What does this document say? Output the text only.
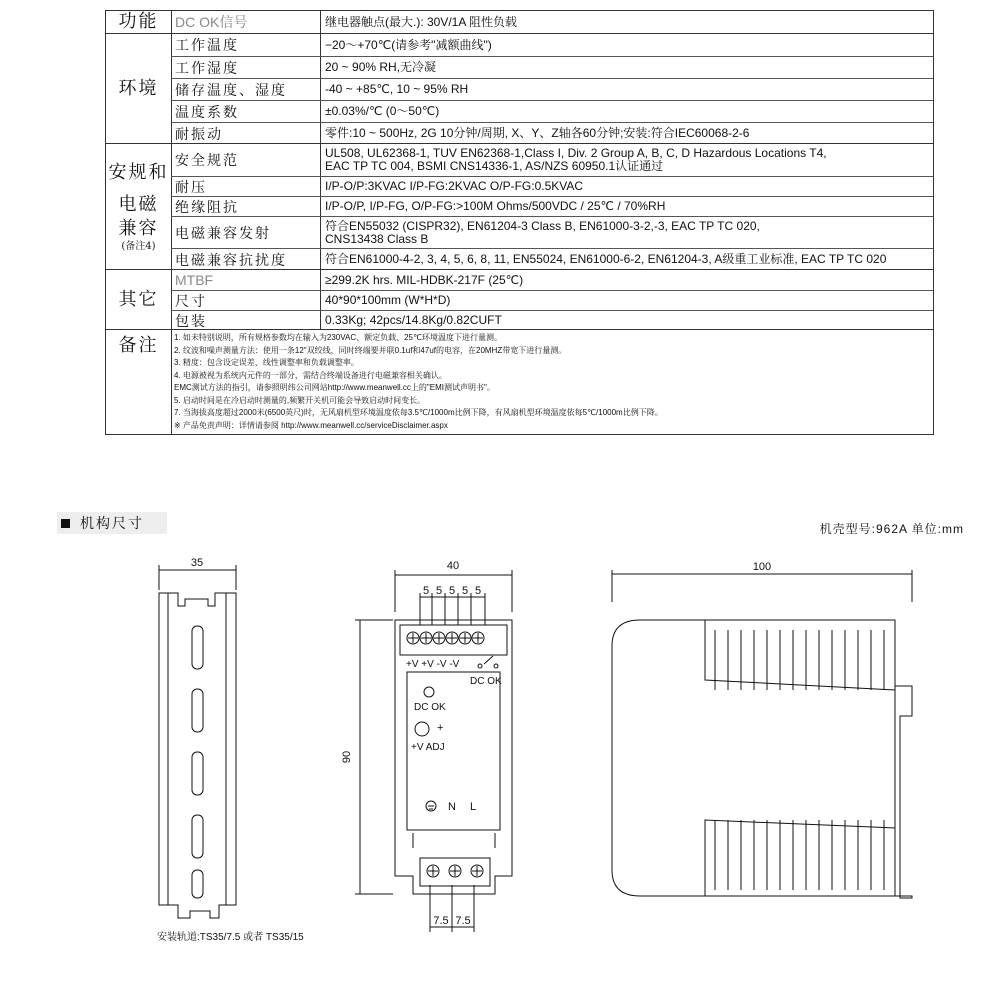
功能	DC OK信号	继电器触点(最大.): 30V/1A 阻性负载
环境
工作温度	−20～+70℃(请参考"减额曲线")
工作湿度	20 ~ 90% RH,无冷凝
储存温度、湿度	-40 ~ +85℃, 10 ~ 95% RH
温度系数	±0.03%/℃ (0～50℃)
耐振动	零件:10 ~ 500Hz, 2G 10分钟/周期, X、Y、Z轴各60分钟;安装:符合IEC60068-2-6
安规和
电磁
兼容
(备注4)
安全规范	UL508, UL62368-1, TUV EN62368-1,Class I, Div. 2 Group A, B, C, D Hazardous Locations T4,
EAC TP TC 004, BSMI CNS14336-1, AS/NZS 60950.1认证通过
耐压	I/P-O/P:3KVAC I/P-FG:2KVAC O/P-FG:0.5KVAC
绝缘阻抗	I/P-O/P, I/P-FG, O/P-FG:>100M Ohms/500VDC / 25℃ / 70%RH
电磁兼容发射	符合EN55032 (CISPR32), EN61204-3 Class B, EN61000-3-2,-3, EAC TP TC 020,
CNS13438 Class B
电磁兼容抗扰度	符合EN61000-4-2, 3, 4, 5, 6, 8, 11, EN55024, EN61000-6-2, EN61204-3, A级重工业标准, EAC TP TC 020
其它
MTBF	≥299.2K hrs. MIL-HDBK-217F (25℃)
尺寸	40*90*100mm (W*H*D)
包装	0.33Kg; 42pcs/14.8Kg/0.82CUFT
备注	1. 如未特别说明，所有规格参数均在输入为230VAC、额定负载、25℃环境温度下进行量测。
2. 纹波和噪声测量方法：使用一条12"双绞线，同时终端要并联0.1uf和47uf的电容，在20MHZ带宽下进行量测。
3. 精度：包含设定误差、线性调整率和负载调整率。
4. 电源被视为系统内元件的一部分，需结合终端设备进行电磁兼容相关确认。
EMC测试方法的指引，请参照明纬公司网站http://www.meanwell.cc上的"EMI测试声明书"。
5. 启动时间是在冷启动时测量的,频繁开关机可能会导致启动时间变长。
7. 当海拔高度超过2000米(6500英尺)时，无风扇机型环境温度依每3.5℃/1000m比例下降，有风扇机型环境温度依每5℃/1000m比例下降。
※ 产品免责声明：详情请参阅 http://www.meanwell.cc/serviceDisclaimer.aspx
机构尺寸	机壳型号:962A 单位:mm
35	40
5 5 5 5 5
90
100
7.5 7.5
+V +V -V -V
DC OK
DC OK
+V ADJ
+
N L
安装轨道:TS35/7.5 或者 TS35/15
